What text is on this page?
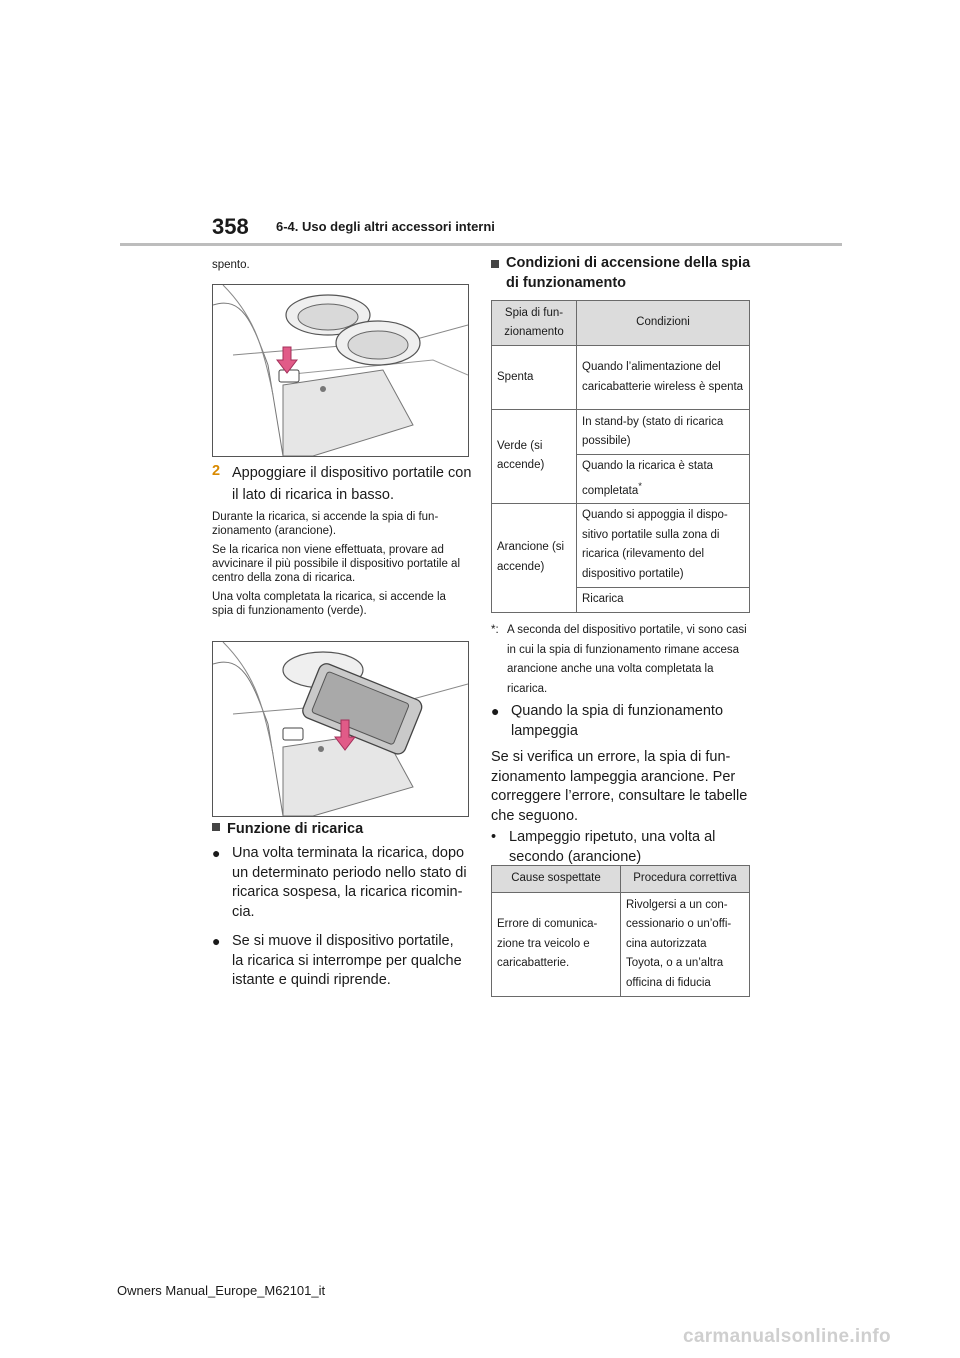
358 6-4. Uso degli altri accessori interni
spento.
2 Appoggiare il dispositivo portatile con il lato di ricarica in basso.
Durante la ricarica, si accende la spia di fun- zionamento (arancione).
Se la ricarica non viene effettuata, provare ad avvicinare il più possibile il dispositivo portatile al centro della zona di ricarica.
Una volta completata la ricarica, si accende la spia di funzionamento (verde).
Funzione di ricarica
● Una volta terminata la ricarica, dopo un determinato periodo nello stato di ricarica sospesa, la ricarica ricomin- cia.
● Se si muove il dispositivo portatile, la ricarica si interrompe per qualche istante e quindi riprende.
Condizioni di accensione della spia di funzionamento
Spia di fun- zionamento	Condizioni
Spenta	Quando l’alimentazione del caricabatterie wireless è spenta
Verde (si accende)	In stand-by (stato di ricarica possibile)
	Quando la ricarica è stata completata*
Arancione (si accende)	Quando si appoggia il dispo- sitivo portatile sulla zona di ricarica (rilevamento del dispositivo portatile)
	Ricarica
*: A seconda del dispositivo portatile, vi sono casi in cui la spia di funzionamento rimane accesa arancione anche una volta completata la ricarica.
● Quando la spia di funzionamento lampeggia
Se si verifica un errore, la spia di fun- zionamento lampeggia arancione. Per correggere l’errore, consultare le tabelle che seguono.
• Lampeggio ripetuto, una volta al secondo (arancione)
Cause sospettate	Procedura correttiva
Errore di comunica- zione tra veicolo e caricabatterie.	Rivolgersi a un con- cessionario o un’offi- cina autorizzata Toyota, o a un’altra officina di fiducia
Owners Manual_Europe_M62101_it
carmanualsonline.info
